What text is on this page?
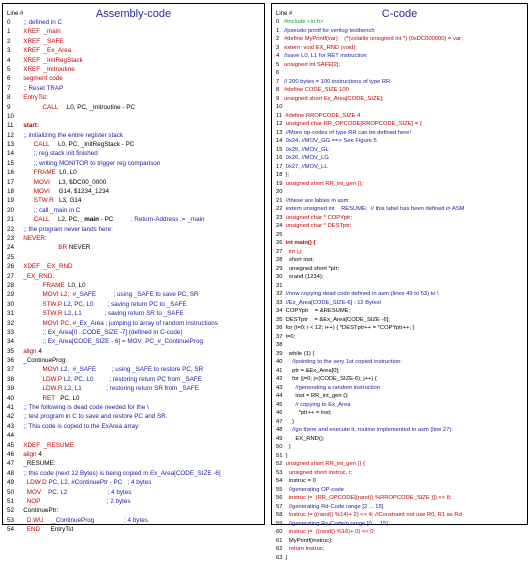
Assembly-code
Line #
0   ;; defined in C
1   XREF  _main
2   XREF  _SAFE
3   XREF  _Ex_Area
4   XREF  _InitRegStack
5   XREF  _Initroutine
6   segment code
7   ;; Reset TRAP
8   EntryTst:
9              CALL     L0, PC, _Initroutine - PC
10
11   start:
12   ;; initializing the entire register stack
13         CALL     L0, PC, _InitRegStack - PC
14         ;; reg stack init finished
15         ;; writing MONITOR to trigger reg comparison
16         FRAME  L0, L0
17         MOVI     L3, $DC00_0000
18         MOVI     G14, $1234_1234
19         STW.R   L3, G14
20         ;; call _main in C
21         CALL     L2, PC, _main - PC          ; Return-Address := _main
22   ;; the program never lands here:
23   NEVER:
24                       BR NEVER
25
26   XDEF  _EX_RND
27   _EX_RND:
28              FRAME  L0, L0
29              MOVI L2,  #_SAFE          ; using _SAFE to save PC, SR
30              STW.P L2, PC, L0        ; saving return PC to _SAFE
31              STW.R L2, L1             ; saving return SR to _SAFE
32              MOVI PC, #_Ex_Area ; jumping to array of random instructions
33              ;; Ex_Area[0 ..CODE_SIZE -7] (defined in C-code)
34              ;; Ex_Area[CODE_SIZE - 6] = MOV  PC_#_ContinueProg
35   align 4
36   _ContinueProg:
37              MOVI L2,  #_SAFE         ; using _SAFE to restore PC, SR
38              LDW.P L2, PC, L0         ; restoring return PC from _SAFE
39              LDW.R L2, L1              ; restoring return SR from _SAFE
40              RET   PC, L0
41   ;; The following is dead code needed for the \
42   ;; test program in C to save and restore PC and SR.
43   ;; This code is copied to the ExArea array:
44
45   XDEF  _RESUME
46   align 4
47   _RESUME:
48   ;; this code (next 12 Bytes) is being copied in Ex_Area[CODE_SIZE -6]
49     LDW.D PC, L2, #ContinuePtr - PC   ; 4 bytes
50     MOV    PC, L2                       ; 4 bytes
51     NOP                                      ; 2 bytes
52   ContinuePtr:
53     D.WU     _ContinueProg                 ; 4 bytes
54     END      EntryTst
C-code
Line #
0   #include <io.h>
1   //pseudo printf for verilog testbench
2   #define MyPrintf(var)    (*(volatile unsigned int *) (0xDC000000) = var;
3   extern  void EX_RND (void);
4   //save L0, L1 for RET instruction
5   unsigned int SAFE[2];
6
7   // 200 bytes = 100 instructions of type RR
8   #define CODE_SIZE 100
9   unsigned short Ex_Area[CODE_SIZE];
10
11  #define RROPCODE_SIZE 4
12  unsigned char RR_OPCODE[RROPCODE_SIZE] = {
13  //More op-codes of type RR can be defined here!
14  0x24, //MOV_GG ==> See Figure 5
15  0x25, //MOV_GL
16  0x26, //MOV_LG
17  0x27, //MOV_LL
18  };
19  unsigned short RR_int_gen ();
20
21  //these are lables in asm
22  extern unsigned int    RESUME;  // this label has been defined in ASM
23  unsigned char * COPYptr;
24  unsigned char * DESTptr;
25
26  int main() {
27    int i,j;
28    short inst;
29    unsigned short *ptr;
30    srand (1234);
31
32  //now copying dead code defined in asm (lines 49 to 53) to \
33  //Ex_Area[CODE_SIZE-6] : 12 Bytes!
34  COPYptr    = &RESUME;
35  DESTptr    = &Ex_Area[CODE_SIZE -6];
36  for (i=0; i < 12; i++) { *DESTptr++ = *COPYptr++; }
37  i=0;
38
39    while (1) {
40      //pointing to the very 1st copied instruction:
41      ptr = &Ex_Area[0];
42      for (j=0; j<(CODE_SIZE-6); j++) {
43        //generating a random instruction
44        inst = RR_int_gen ();
45        // copying to Ex_Area
46          *ptr++ = inst;
47      }
48      //go there and execute it, routine implemented in asm (line 27):
49        EX_RND();
50    }
51  }
52  unsigned short RR_int_gen () {
53    unsigned short instruc, r;
54    instruc = 0
55    //generating OP-code
56    instruc |=  (RR_OPCODE[(rand() %RROPCODE_SIZE )]) << 8;
57    //generating Rd-Code range [2 ... 15]
58    instruc |= ((rand() %14)+ 2) << 4; //Constraint not use R0, R1 as Rd
59    //generating Rs-Code/n range [0 ... 15]
60    instruc |=  ((rand() %16)+ 0) << 0;
61    MyPrintf(instruc);
62    return instruc;
63  }
